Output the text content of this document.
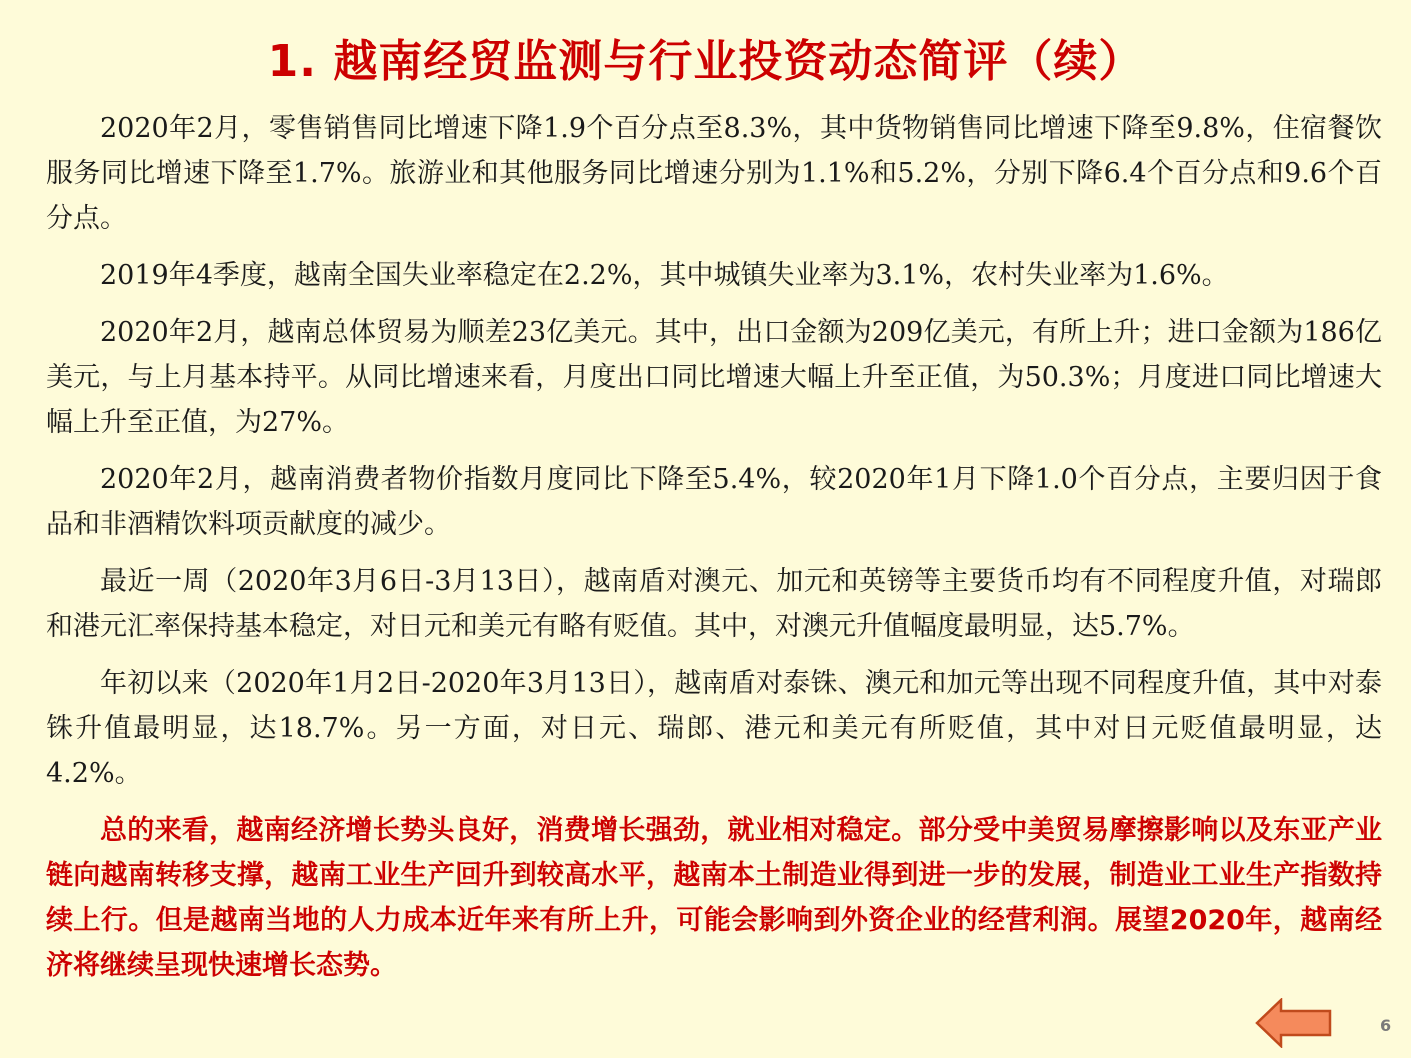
1. 越南经贸监测与行业投资动态简评（续）

2020年2月，零售销售同比增速下降1.9个百分点至8.3%，其中货物销售同比增速下降至9.8%，住宿餐饮服务同比增速下降至1.7%。旅游业和其他服务同比增速分别为1.1%和5.2%，分别下降6.4个百分点和9.6个百分点。

2019年4季度，越南全国失业率稳定在2.2%，其中城镇失业率为3.1%，农村失业率为1.6%。

2020年2月，越南总体贸易为顺差23亿美元。其中，出口金额为209亿美元，有所上升；进口金额为186亿美元，与上月基本持平。从同比增速来看，月度出口同比增速大幅上升至正值，为50.3%；月度进口同比增速大幅上升至正值，为27%。

2020年2月，越南消费者物价指数月度同比下降至5.4%，较2020年1月下降1.0个百分点，主要归因于食品和非酒精饮料项贡献度的减少。

最近一周（2020年3月6日-3月13日），越南盾对澳元、加元和英镑等主要货币均有不同程度升值，对瑞郎和港元汇率保持基本稳定，对日元和美元有略有贬值。其中，对澳元升值幅度最明显，达5.7%。

年初以来（2020年1月2日-2020年3月13日），越南盾对泰铢、澳元和加元等出现不同程度升值，其中对泰铢升值最明显，达18.7%。另一方面，对日元、瑞郎、港元和美元有所贬值，其中对日元贬值最明显，达4.2%。

总的来看，越南经济增长势头良好，消费增长强劲，就业相对稳定。部分受中美贸易摩擦影响以及东亚产业链向越南转移支撑，越南工业生产回升到较高水平，越南本土制造业得到进一步的发展，制造业工业生产指数持续上行。但是越南当地的人力成本近年来有所上升，可能会影响到外资企业的经营利润。展望2020年，越南经济将继续呈现快速增长态势。

6
